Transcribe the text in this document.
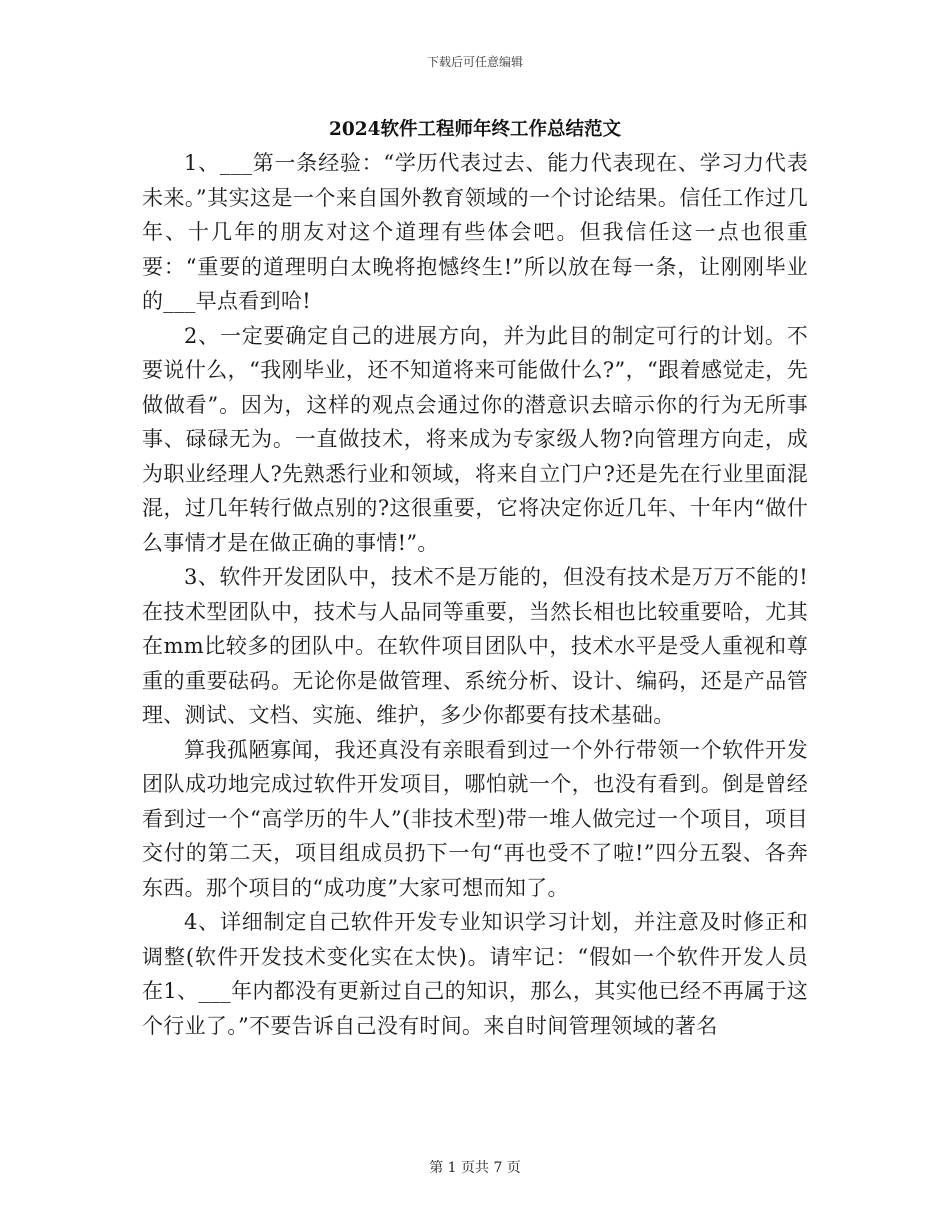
下载后可任意编辑
2024软件工程师年终工作总结范文

1、___第一条经验：“学历代表过去、能力代表现在、学习力代表未来。”其实这是一个来自国外教育领域的一个讨论结果。信任工作过几年、十几年的朋友对这个道理有些体会吧。但我信任这一点也很重要：“重要的道理明白太晚将抱憾终生!”所以放在每一条，让刚刚毕业的___早点看到哈!

2、一定要确定自己的进展方向，并为此目的制定可行的计划。不要说什么，“我刚毕业，还不知道将来可能做什么?”，“跟着感觉走，先做做看”。因为，这样的观点会通过你的潜意识去暗示你的行为无所事事、碌碌无为。一直做技术，将来成为专家级人物?向管理方向走，成为职业经理人?先熟悉行业和领域，将来自立门户?还是先在行业里面混混，过几年转行做点别的?这很重要，它将决定你近几年、十年内“做什么事情才是在做正确的事情!”。

3、软件开发团队中，技术不是万能的，但没有技术是万万不能的!在技术型团队中，技术与人品同等重要，当然长相也比较重要哈，尤其在mm比较多的团队中。在软件项目团队中，技术水平是受人重视和尊重的重要砝码。无论你是做管理、系统分析、设计、编码，还是产品管理、测试、文档、实施、维护，多少你都要有技术基础。

算我孤陋寡闻，我还真没有亲眼看到过一个外行带领一个软件开发团队成功地完成过软件开发项目，哪怕就一个，也没有看到。倒是曾经看到过一个“高学历的牛人”(非技术型)带一堆人做完过一个项目，项目交付的第二天，项目组成员扔下一句“再也受不了啦!”四分五裂、各奔东西。那个项目的“成功度”大家可想而知了。

4、详细制定自己软件开发专业知识学习计划，并注意及时修正和调整(软件开发技术变化实在太快)。请牢记：“假如一个软件开发人员在1、___年内都没有更新过自己的知识，那么，其实他已经不再属于这个行业了。”不要告诉自己没有时间。来自时间管理领域的著名

第 1 页共 7 页
